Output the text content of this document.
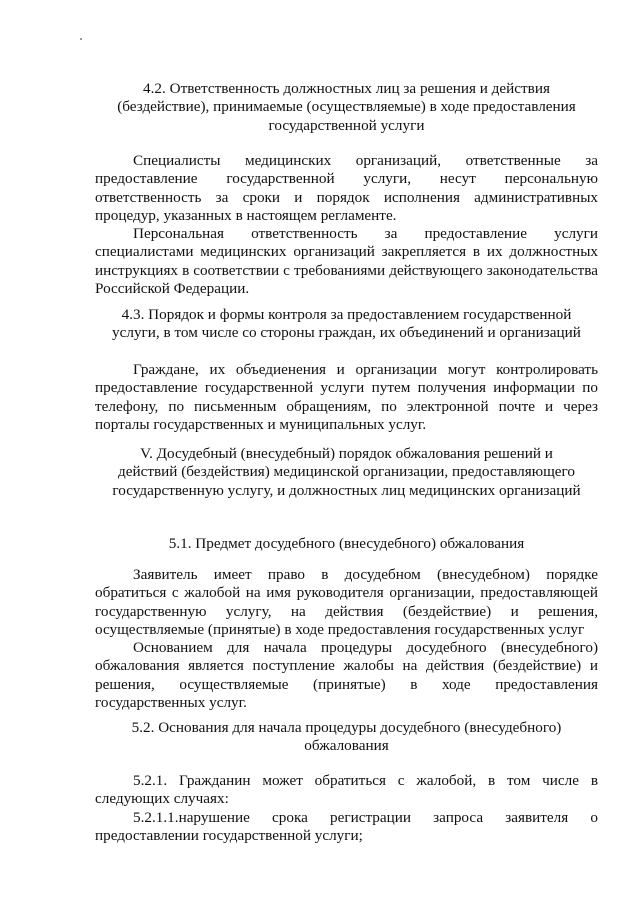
4.2. Ответственность должностных лиц за решения и действия
(бездействие), принимаемые (осуществляемые) в ходе предоставления
государственной услуги
Специалисты медицинских организаций, ответственные за предоставление государственной услуги, несут персональную ответственность за сроки и порядок исполнения административных процедур, указанных в настоящем регламенте.
Персональная ответственность за предоставление услуги специалистами медицинских организаций закрепляется в их должностных инструкциях в соответствии с требованиями действующего законодательства Российской Федерации.
4.3. Порядок и формы контроля за предоставлением государственной
услуги, в том числе со стороны граждан, их объединений и организаций
Граждане, их объедиенения и организации могут контролировать предоставление государственной услуги путем получения информации по телефону, по письменным обращениям, по электронной почте и через порталы государственных и муниципальных услуг.
V. Досудебный (внесудебный) порядок обжалования решений и
действий (бездействия) медицинской организации, предоставляющего
государственную услугу, и должностных лиц медицинских организаций
5.1. Предмет досудебного (внесудебного) обжалования
Заявитель имеет право в досудебном (внесудебном) порядке обратиться с жалобой на имя руководителя организации, предоставляющей государственную услугу, на действия (бездействие) и решения, осуществляемые (принятые) в ходе предоставления государственных услуг
Основанием для начала процедуры досудебного (внесудебного) обжалования является поступление жалобы на действия (бездействие) и решения, осуществляемые (принятые) в ходе предоставления государственных услуг.
5.2. Основания для начала процедуры досудебного (внесудебного)
обжалования
5.2.1. Гражданин может обратиться с жалобой, в том числе в следующих случаях:
5.2.1.1.нарушение срока регистрации запроса заявителя о
предоставлении государственной услуги;
